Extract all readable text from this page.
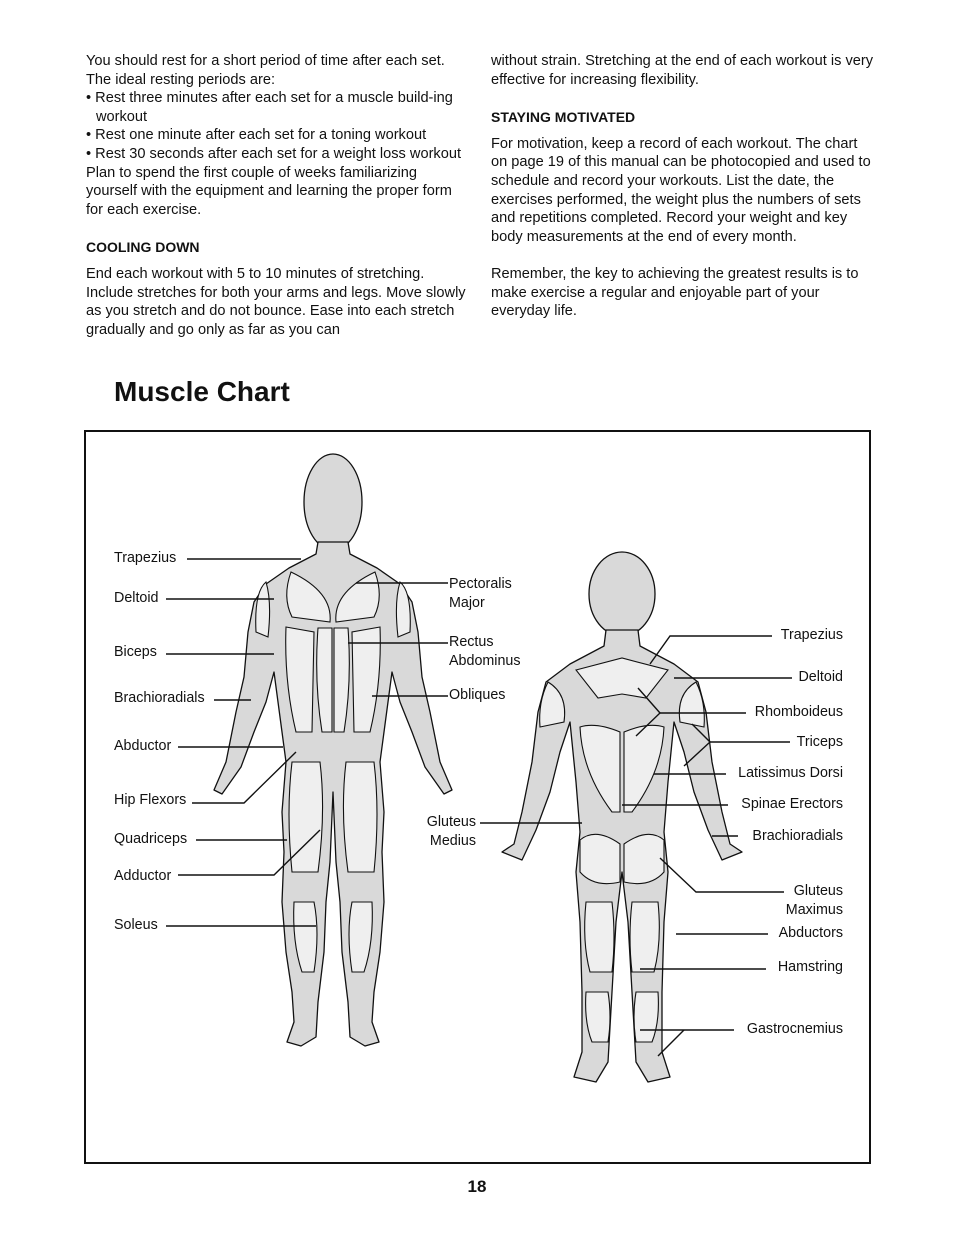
You should rest for a short period of time after each set. The ideal resting periods are:

• Rest three minutes after each set for a muscle build-ing workout

• Rest one minute after each set for a toning workout

• Rest 30 seconds after each set for a weight loss workout

Plan to spend the first couple of weeks familiarizing yourself with the equipment and learning the proper form for each exercise.

COOLING DOWN

End each workout with 5 to 10 minutes of stretching. Include stretches for both your arms and legs. Move slowly as you stretch and do not bounce. Ease into each stretch gradually and go only as far as you can

without strain. Stretching at the end of each workout is very effective for increasing flexibility.

STAYING MOTIVATED

For motivation, keep a record of each workout. The chart on page 19 of this manual can be photocopied and used to schedule and record your workouts. List the date, the exercises performed, the weight plus the numbers of sets and repetitions completed. Record your weight and key body measurements at the end of every month.

Remember, the key to achieving the greatest results is to make exercise a regular and enjoyable part of your everyday life.

Muscle Chart
Trapezius
Deltoid
Biceps
Brachioradials
Abductor
Hip Flexors
Quadriceps
Adductor
Soleus
Pectoralis
Major
Rectus
Abdominus
Obliques
Gluteus
Medius
Trapezius
Deltoid
Rhomboideus
Triceps
Latissimus Dorsi
Spinae Erectors
Brachioradials
Gluteus
Maximus
Abductors
Hamstring
Gastrocnemius
18
